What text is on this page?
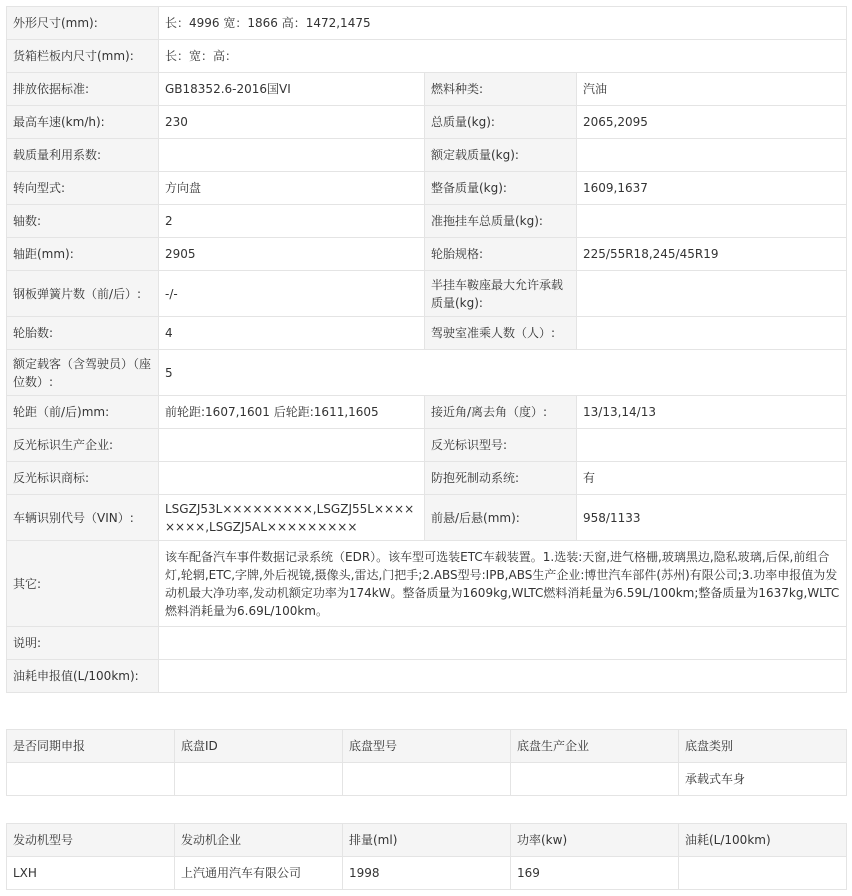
外形尺寸(mm):	长：4996 宽：1866 高：1472,1475		
货箱栏板内尺寸(mm):	长：宽：高：		
排放依据标准:	GB18352.6-2016国VI	燃料种类:	汽油
最高车速(km/h):	230	总质量(kg):	2065,2095
载质量利用系数:		额定载质量(kg):	
转向型式:	方向盘	整备质量(kg):	1609,1637
轴数:	2	准拖挂车总质量(kg):	
轴距(mm):	2905	轮胎规格:	225/55R18,245/45R19
钢板弹簧片数（前/后）:	-/-	半挂车鞍座最大允许承载质量(kg):	
轮胎数:	4	驾驶室准乘人数（人）:	
额定载客（含驾驶员）（座位数）:	5		
轮距（前/后)mm:	前轮距:1607,1601 后轮距:1611,1605	接近角/离去角（度）:	13/13,14/13
反光标识生产企业:		反光标识型号:	
反光标识商标:		防抱死制动系统:	有
车辆识别代号（VIN）:	LSGZJ53L×××××××××,LSGZJ55L××××××××,LSGZJ5AL×××××××××	前悬/后悬(mm):	958/1133
其它:	该车配备汽车事件数据记录系统（EDR）。该车型可选装ETC车载装置。1.选装:天窗,进气格栅,玻璃黑边,隐私玻璃,后保,前组合灯,轮辋,ETC,字牌,外后视镜,摄像头,雷达,门把手;2.ABS型号:IPB,ABS生产企业:博世汽车部件(苏州)有限公司;3.功率申报值为发动机最大净功率,发动机额定功率为174kW。整备质量为1609kg,WLTC燃料消耗量为6.59L/100km;整备质量为1637kg,WLTC燃料消耗量为6.69L/100km。		
说明:			
油耗申报值(L/100km):			
是否同期申报	底盘ID	底盘型号	底盘生产企业	底盘类别
				承载式车身
发动机型号	发动机企业	排量(ml)	功率(kw)	油耗(L/100km)
LXH	上汽通用汽车有限公司	1998	169	
